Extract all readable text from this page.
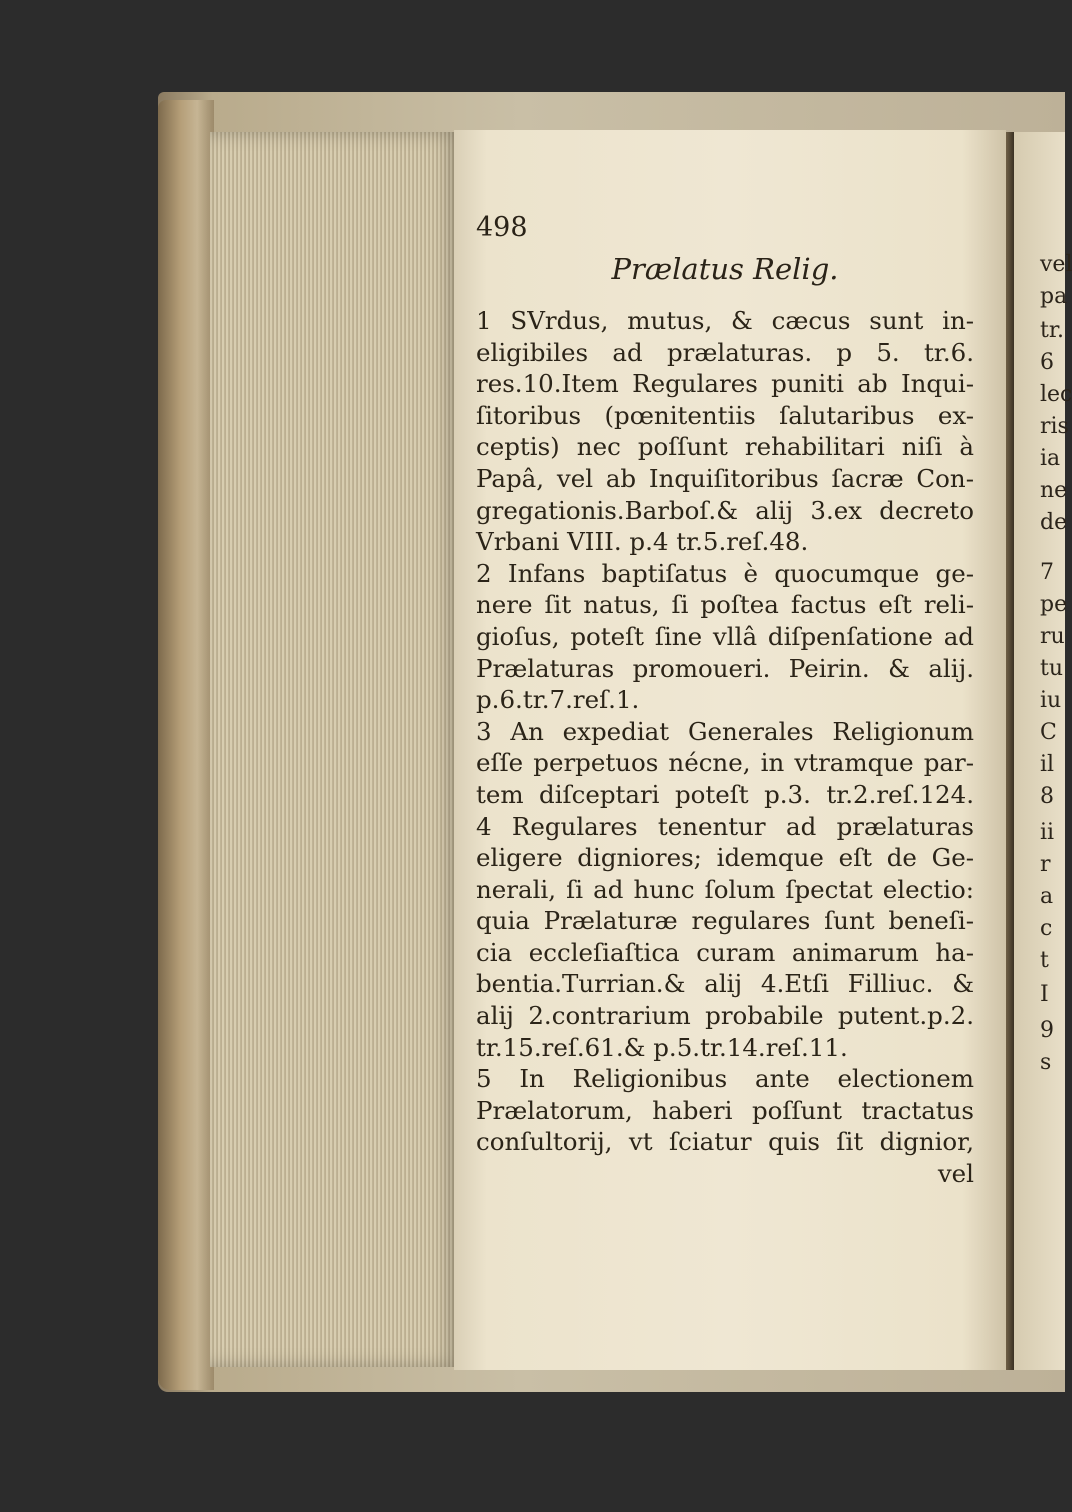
vel
pa
tr.
6
lec
ris
ia
ne
de
7
pe
ru
tu
iu
C
il
8
ii
r
a
c
t
I
9
s
498
Prælatus Relig.
1 SVrdus, mutus, & cæcus sunt in-
eligibiles ad prælaturas. p 5. tr.6.
res.10.Item Regulares puniti ab Inqui-
ſitoribus (pœnitentiis ſalutaribus ex-
ceptis) nec poſſunt rehabilitari niſi à
Papâ, vel ab Inquiſitoribus ſacræ Con-
gregationis.Barboſ.& alij 3.ex decreto
Vrbani VIII. p.4 tr.5.reſ.48.
2 Infans baptiſatus è quocumque ge-
nere ſit natus, ſi poſtea factus eſt reli-
gioſus, poteſt ſine vllâ diſpenſatione ad
Prælaturas promoueri. Peirin. & alij.
p.6.tr.7.reſ.1.
3 An expediat Generales Religionum
eſſe perpetuos nécne, in vtramque par-
tem diſceptari poteſt p.3. tr.2.reſ.124.
4 Regulares tenentur ad prælaturas
eligere digniores; idemque eſt de Ge-
nerali, ſi ad hunc ſolum ſpectat electio:
quia Prælaturæ regulares ſunt beneſi-
cia eccleſiaſtica curam animarum ha-
bentia.Turrian.& alij 4.Etſi Filliuc. &
alij 2.contrarium probabile putent.p.2.
tr.15.reſ.61.& p.5.tr.14.reſ.11.
5 In Religionibus ante electionem
Prælatorum, haberi poſſunt tractatus
conſultorij, vt ſciatur quis ſit dignior,
vel
